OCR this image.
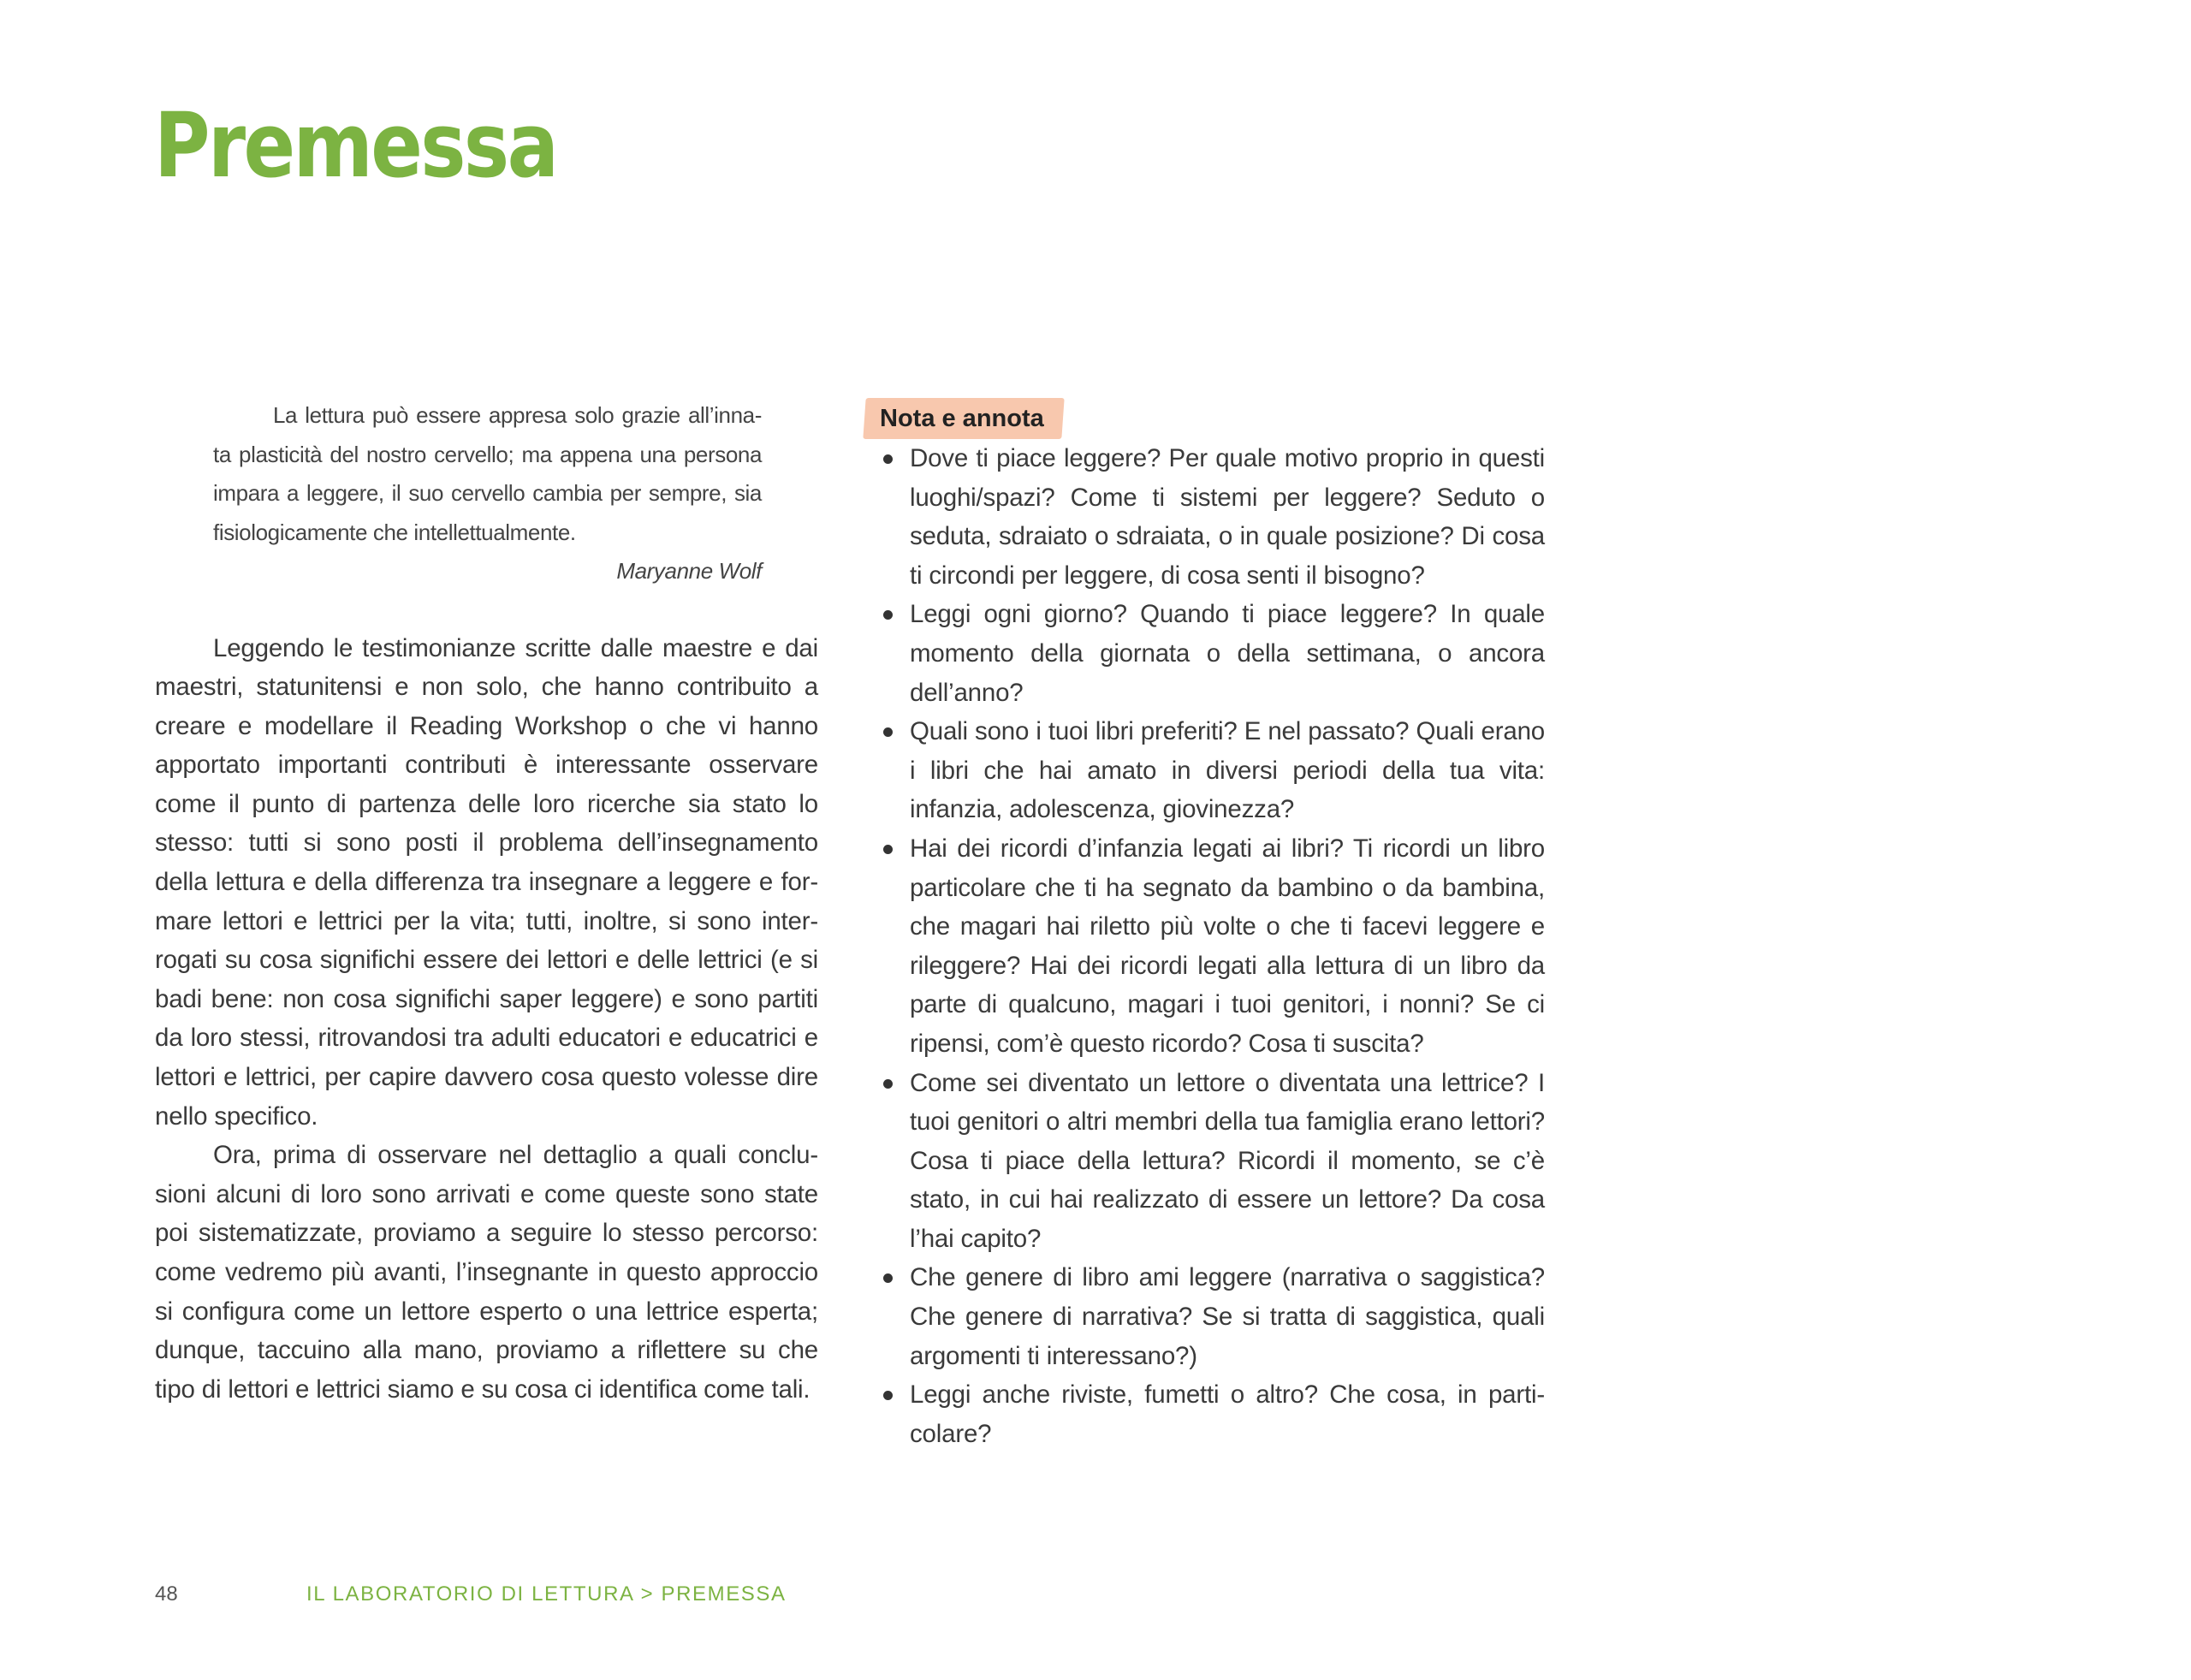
Premessa

La lettura può essere appresa solo grazie all’inna-ta plasticità del nostro cervello; ma appena una persona impara a leggere, il suo cervello cambia per sempre, sia fisiologicamente che intellettualmente.

Maryanne Wolf

Leggendo le testimonianze scritte dalle maestre e dai maestri, statunitensi e non solo, che hanno contribuito a creare e modellare il Reading Workshop o che vi hanno apportato importanti contributi è interessante osservare come il punto di partenza delle loro ricerche sia stato lo stesso: tutti si sono posti il problema dell’insegnamento della lettura e della differenza tra insegnare a leggere e for-mare lettori e lettrici per la vita; tutti, inoltre, si sono inter-rogati su cosa significhi essere dei lettori e delle lettrici (e si badi bene: non cosa significhi saper leggere) e sono partiti da loro stessi, ritrovandosi tra adulti educatori e educatrici e lettori e lettrici, per capire davvero cosa questo volesse dire nello specifico.

Ora, prima di osservare nel dettaglio a quali conclu-sioni alcuni di loro sono arrivati e come queste sono state poi sistematizzate, proviamo a seguire lo stesso percorso: come vedremo più avanti, l’insegnante in questo approccio si configura come un lettore esperto o una lettrice esperta; dunque, taccuino alla mano, proviamo a riflettere su che tipo di lettori e lettrici siamo e su cosa ci identifica come tali.

Nota e annota
Dove ti piace leggere? Per quale motivo proprio in questi luoghi/spazi? Come ti sistemi per leggere? Seduto o seduta, sdraiato o sdraiata, o in quale posizione? Di cosa ti circondi per leggere, di cosa senti il bisogno?
Leggi ogni giorno? Quando ti piace leggere? In quale momento della giornata o della settimana, o ancora dell’anno?
Quali sono i tuoi libri preferiti? E nel passato? Quali erano i libri che hai amato in diversi periodi della tua vita: infanzia, adolescenza, giovinezza?
Hai dei ricordi d’infanzia legati ai libri? Ti ricordi un libro particolare che ti ha segnato da bambino o da bambina, che magari hai riletto più volte o che ti facevi leggere e rileggere? Hai dei ricordi legati alla lettura di un libro da parte di qualcuno, magari i tuoi genitori, i nonni? Se ci ripensi, com’è questo ricordo? Cosa ti suscita?
Come sei diventato un lettore o diventata una lettrice? I tuoi genitori o altri membri della tua famiglia erano lettori? Cosa ti piace della lettura? Ricordi il momento, se c’è stato, in cui hai realizzato di essere un lettore? Da cosa l’hai capito?
Che genere di libro ami leggere (narrativa o saggistica? Che genere di narrativa? Se si tratta di saggistica, quali argomenti ti interessano?)
Leggi anche riviste, fumetti o altro? Che cosa, in parti-colare?
48	IL LABORATORIO DI LETTURA > PREMESSA
